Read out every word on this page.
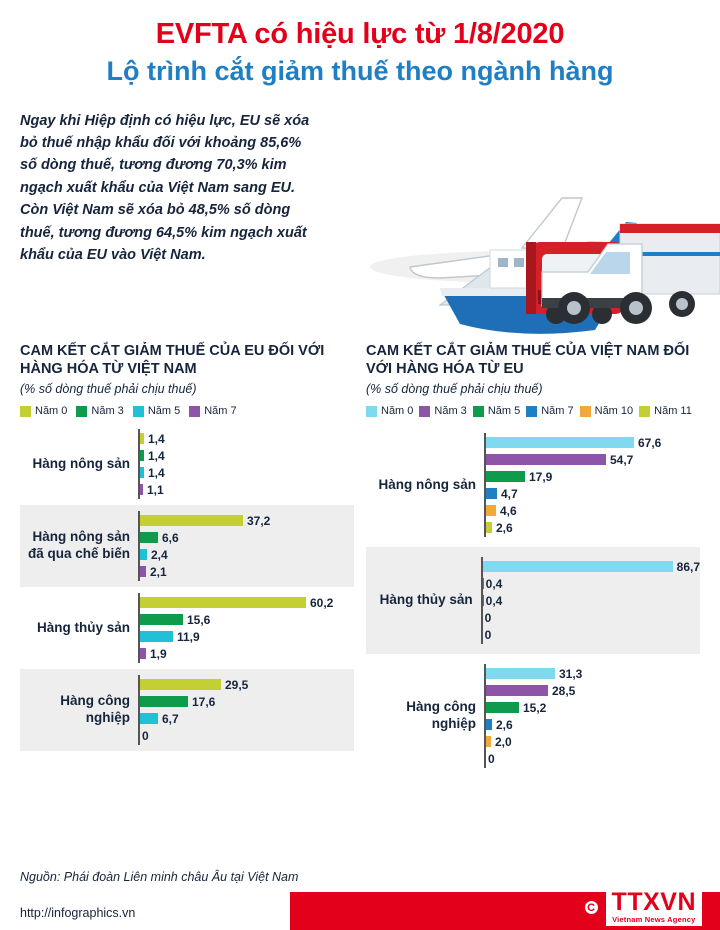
EVFTA có hiệu lực từ 1/8/2020
Lộ trình cắt giảm thuế theo ngành hàng
Ngay khi Hiệp định có hiệu lực, EU sẽ xóa bỏ thuế nhập khẩu đối với khoảng 85,6% số dòng thuế, tương đương 70,3% kim ngạch xuất khẩu của Việt Nam sang EU. Còn Việt Nam sẽ xóa bỏ 48,5% số dòng thuế, tương đương 64,5% kim ngạch xuất khẩu của EU vào Việt Nam.
CAM KẾT CẮT GIẢM THUẾ CỦA EU ĐỐI VỚI HÀNG HÓA TỪ VIỆT NAM
(% số dòng thuế phải chịu thuế)
Năm 0 Năm 3 Năm 5 Năm 7
Hàng nông sản
1,4
1,4
1,4
1,1
Hàng nông sản đã qua chế biến
37,2
6,6
2,4
2,1
Hàng thủy sản
60,2
15,6
11,9
1,9
Hàng công nghiệp
29,5
17,6
6,7
0
CAM KẾT CẮT GIẢM THUẾ CỦA VIỆT NAM ĐỐI VỚI HÀNG HÓA TỪ EU
(% số dòng thuế phải chịu thuế)
Năm 0 Năm 3 Năm 5 Năm 7 Năm 10 Năm 11
Hàng nông sản
67,6
54,7
17,9
4,7
4,6
2,6
Hàng thủy sản
86,7
0,4
0,4
0
0
Hàng công nghiệp
31,3
28,5
15,2
2,6
2,0
0
Nguồn: Phái đoàn Liên minh châu Âu tại Việt Nam
http://infographics.vn	C TTXVN
Vietnam News Agency
